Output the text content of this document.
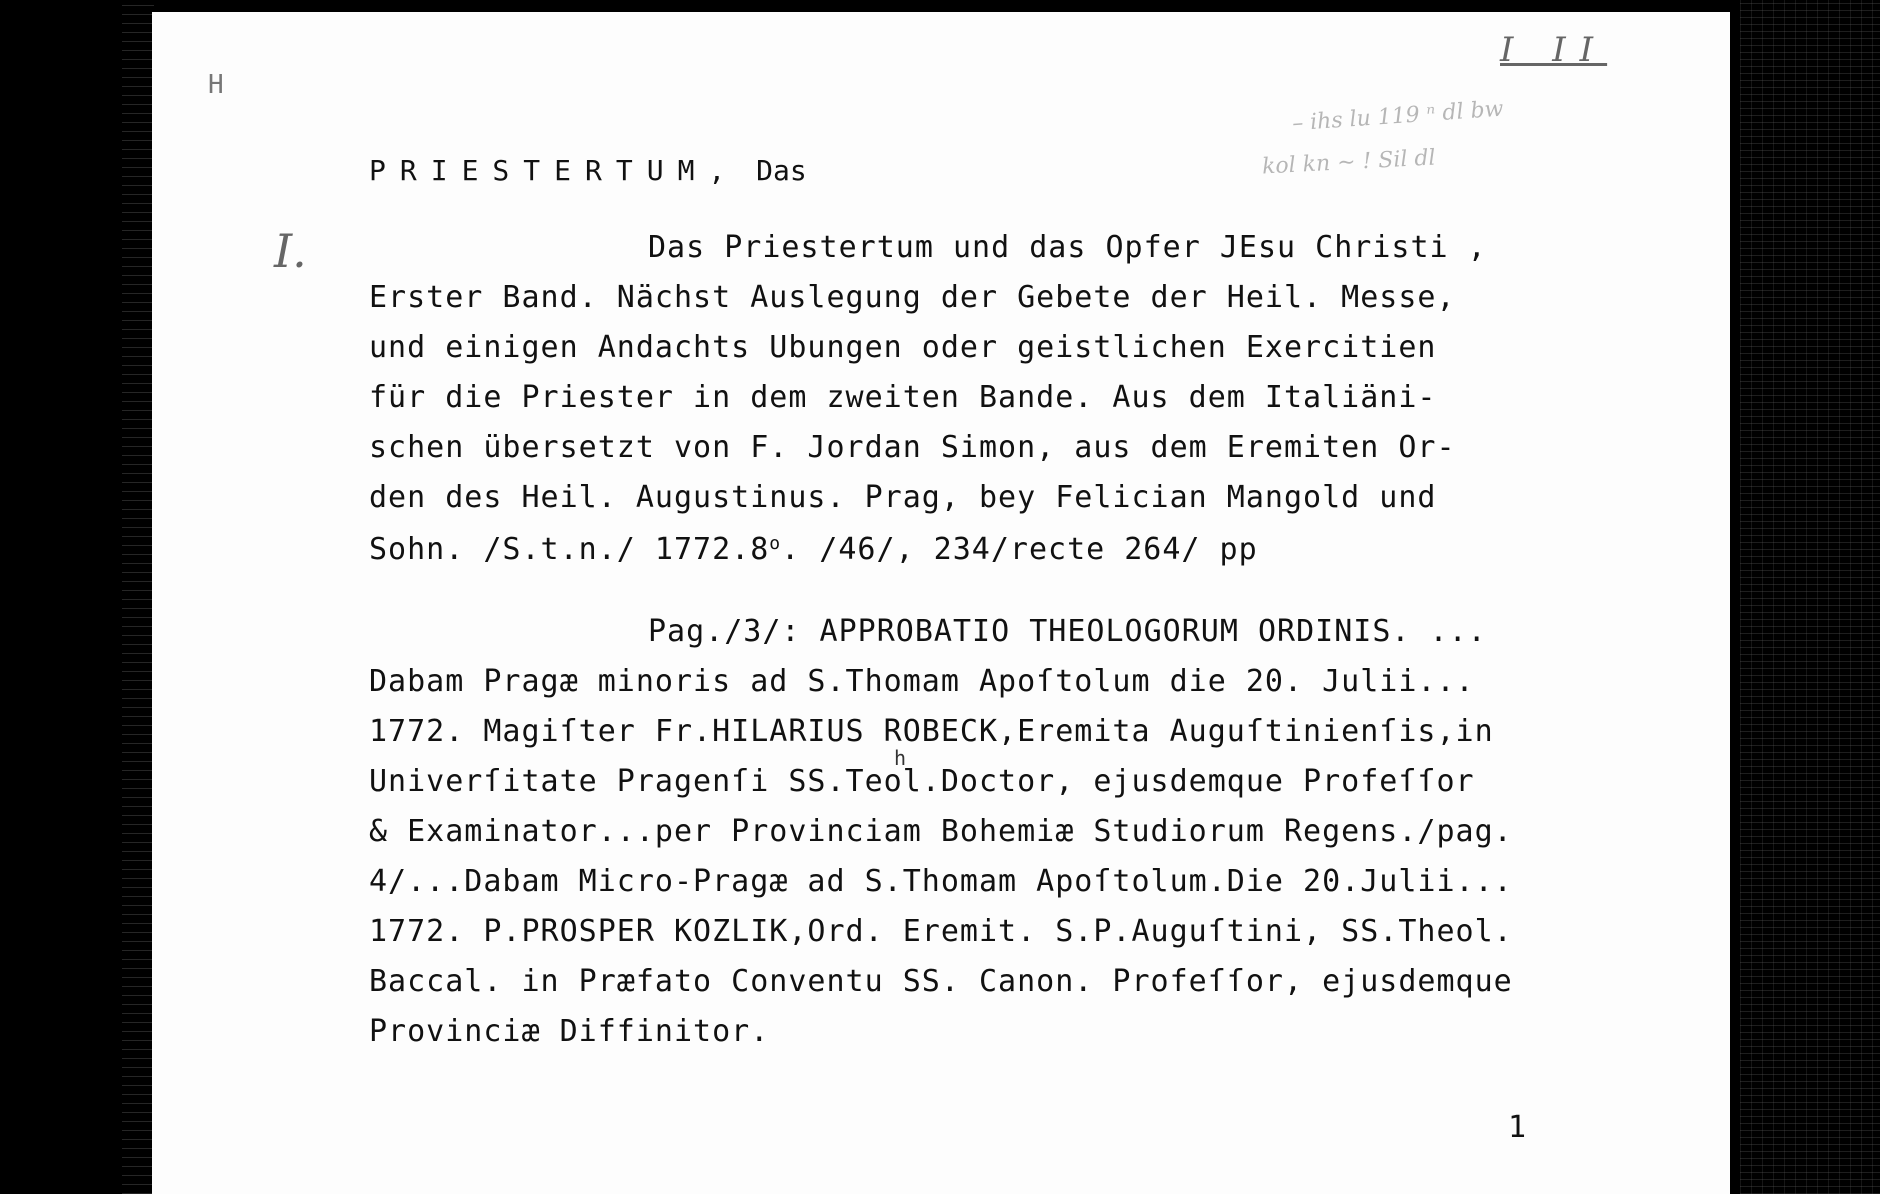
H
I II
– ihs lu 119 ⁿ dl bw
kol kn ~ ! Sil dl
PRIESTERTUM, Das
I.	Das Priestertum und das Opfer JEsu Christi ,
Erster Band. Nächst Auslegung der Gebete der Heil. Messe,
und einigen Andachts Ubungen oder geistlichen Exercitien
für die Priester in dem zweiten Bande. Aus dem Italiäni-
schen übersetzt von F. Jordan Simon, aus dem Eremiten Or-
den des Heil. Augustinus. Prag, bey Felician Mangold und
Sohn. /S.t.n./ 1772.8$^o$. /46/, 234/recte 264/ pp
Pag./3/: APPROBATIO THEOLOGORUM ORDINIS. ...
Dabam Pragæ minoris ad S.Thomam Apoſtolum die 20. Julii...
1772. Magiſter Fr.HILARIUS ROBECK,Eremita Auguſtinienſis,in
h
Univerſitate Pragenſi SS.Teol.Doctor, ejusdemque Profeſſor
& Examinator...per Provinciam Bohemiæ Studiorum Regens./pag.
4/...Dabam Micro-Pragæ ad S.Thomam Apoſtolum.Die 20.Julii...
1772. P.PROSPER KOZLIK,Ord. Eremit. S.P.Auguſtini, SS.Theol.
Baccal. in Præfato Conventu SS. Canon. Profeſſor, ejusdemque
Provinciæ Diffinitor.
1
